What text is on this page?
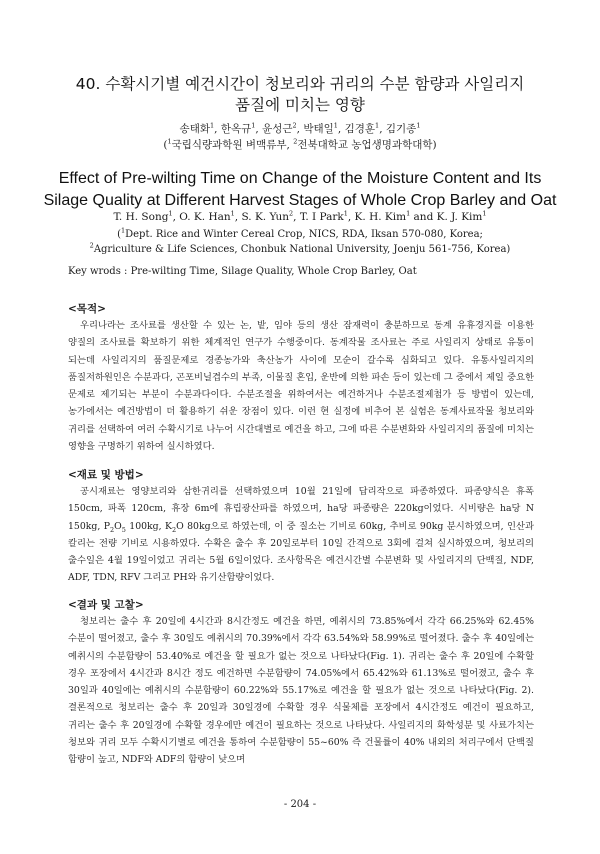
40. 수확시기별 예건시간이 청보리와 귀리의 수분 함량과 사일리지
품질에 미치는 영향
송태화$^1$, 한옥규$^1$, 윤성근$^2$, 박태일$^1$, 김경훈$^1$, 김기종$^1$
($^1$국립식량과학원 벼맥류부, $^2$전북대학교 농업생명과학대학)
Effect of Pre-wilting Time on Change of the Moisture Content and Its
Silage Quality at Different Harvest Stages of Whole Crop Barley and Oat
T. H. Song$^1$, O. K. Han$^1$, S. K. Yun$^2$, T. I Park$^1$, K. H. Kim$^1$ and K. J. Kim$^1$
($^1$Dept. Rice and Winter Cereal Crop, NICS, RDA, Iksan 570-080, Korea;
$^2$Agriculture & Life Sciences, Chonbuk National University, Joenju 561-756, Korea)
Key wrods : Pre-wilting Time, Silage Quality, Whole Crop Barley, Oat
<목적>
우리나라는 조사료를 생산할 수 있는 논, 밭, 임야 등의 생산 잠재력이 충분하므로 동계 유휴경지를 이용한 양질의 조사료를 확보하기 위한 체계적인 연구가 수행중이다. 동계작물 조사료는 주로 사일리지 상태로 유통이 되는데 사일리지의 품질문제로 경종농가와 축산농가 사이에 모순이 갈수록 심화되고 있다. 유통사일리지의 품질저하원인은 수분과다, 곤포비닐겹수의 부족, 이물질 혼입, 운반에 의한 파손 등이 있는데 그 중에서 제일 중요한 문제로 제기되는 부분이 수분과다이다. 수분조절을 위하여서는 예건하거나 수분조절제첨가 등 방법이 있는데, 농가에서는 예건방법이 더 활용하기 쉬운 장점이 있다. 이런 현 실정에 비추어 본 실험은 동계사료작물 청보리와 귀리를 선택하여 여러 수확시기로 나누어 시간대별로 예건을 하고, 그에 따른 수분변화와 사일리지의 품질에 미치는 영향을 구명하기 위하여 실시하였다.
<재료 및 방법>
공시재료는 영양보리와 삼한귀리를 선택하였으며 10월 21일에 답리작으로 파종하였다. 파종양식은 휴폭 150cm, 파폭 120cm, 휴장 6m에 휴립광산파를 하였으며, ha당 파종량은 220kg이었다. 시비량은 ha당 N 150kg, $P_2O_5$ 100kg, $K_2O$ 80kg으로 하였는데, 이 중 질소는 기비로 60kg, 추비로 90kg 분시하였으며, 인산과 칼리는 전량 기비로 시용하였다. 수확은 출수 후 20일로부터 10일 간격으로 3회에 걸쳐 실시하였으며, 청보리의 출수일은 4월 19일이었고 귀리는 5월 6일이었다. 조사항목은 예건시간별 수분변화 및 사일리지의 단백질, NDF, ADF, TDN, RFV 그리고 PH와 유기산함량이었다.
<결과 및 고찰>
청보리는 출수 후 20일에 4시간과 8시간정도 예건을 하면, 예취시의 73.85%에서 각각 66.25%와 62.45% 수분이 떨어졌고, 출수 후 30일도 예취시의 70.39%에서 각각 63.54%와 58.99%로 떨어졌다. 출수 후 40일에는 예취시의 수분함량이 53.40%로 예건을 할 필요가 없는 것으로 나타났다(Fig. 1). 귀리는 출수 후 20일에 수확할 경우 포장에서 4시간과 8시간 정도 예건하면 수분함량이 74.05%에서 65.42%와 61.13%로 떨어졌고, 출수 후 30일과 40일에는 예취시의 수분함량이 60.22%와 55.17%로 예건을 할 필요가 없는 것으로 나타났다(Fig. 2). 결론적으로 청보리는 출수 후 20일과 30일경에 수확할 경우 식물체를 포장에서 4시간정도 예건이 필요하고, 귀리는 출수 후 20일경에 수확할 경우에만 예건이 필요하는 것으로 나타났다. 사일리지의 화학성분 및 사료가치는 청보와 귀리 모두 수확시기별로 예건을 통하여 수분함량이 55~60% 즉 건물률이 40% 내외의 처리구에서 단백질 함량이 높고, NDF와 ADF의 함량이 낮으며
- 204 -
